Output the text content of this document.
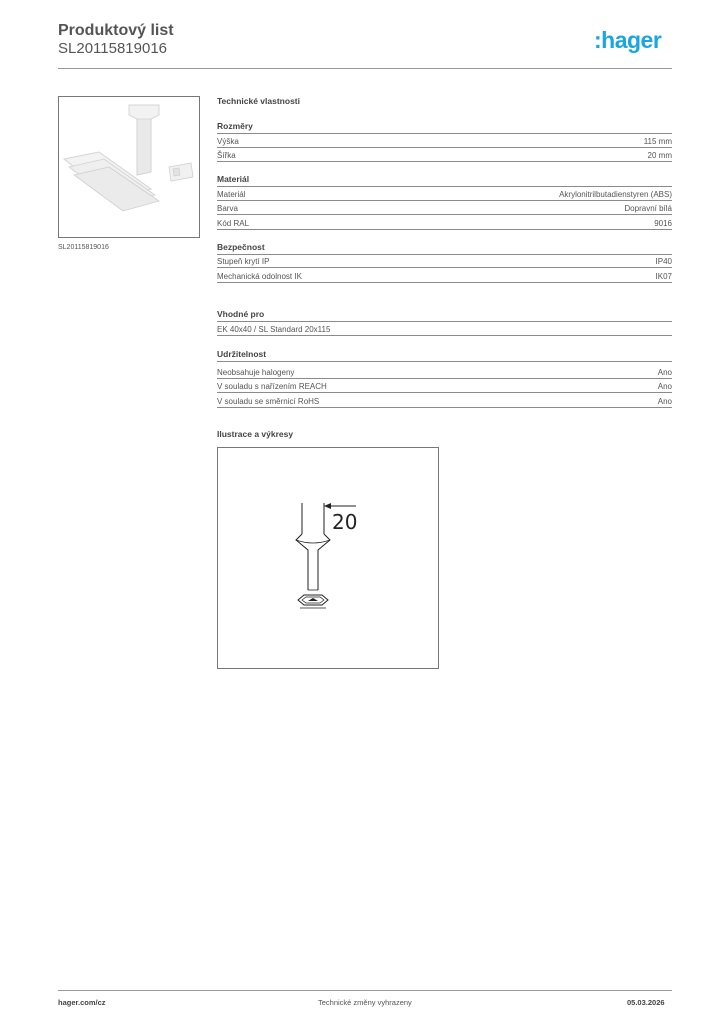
Produktový list
SL20115819016	:hager
SL20115819016
Technické vlastnosti
Rozměry
Výška	115 mm
Šířka	20 mm
Materiál
Materiál	Akrylonitrilbutadienstyren (ABS)
Barva	Dopravní bílá
Kód RAL	9016
Bezpečnost
Stupeň krytí IP	IP40
Mechanická odolnost IK	IK07
Vhodné pro
EK 40x40 / SL Standard 20x115
Udržitelnost
Neobsahuje halogeny	Ano
V souladu s nařízením REACH	Ano
V souladu se směrnicí RoHS	Ano
Ilustrace a výkresy
20
hager.com/cz	Technické změny vyhrazeny	05.03.2026
